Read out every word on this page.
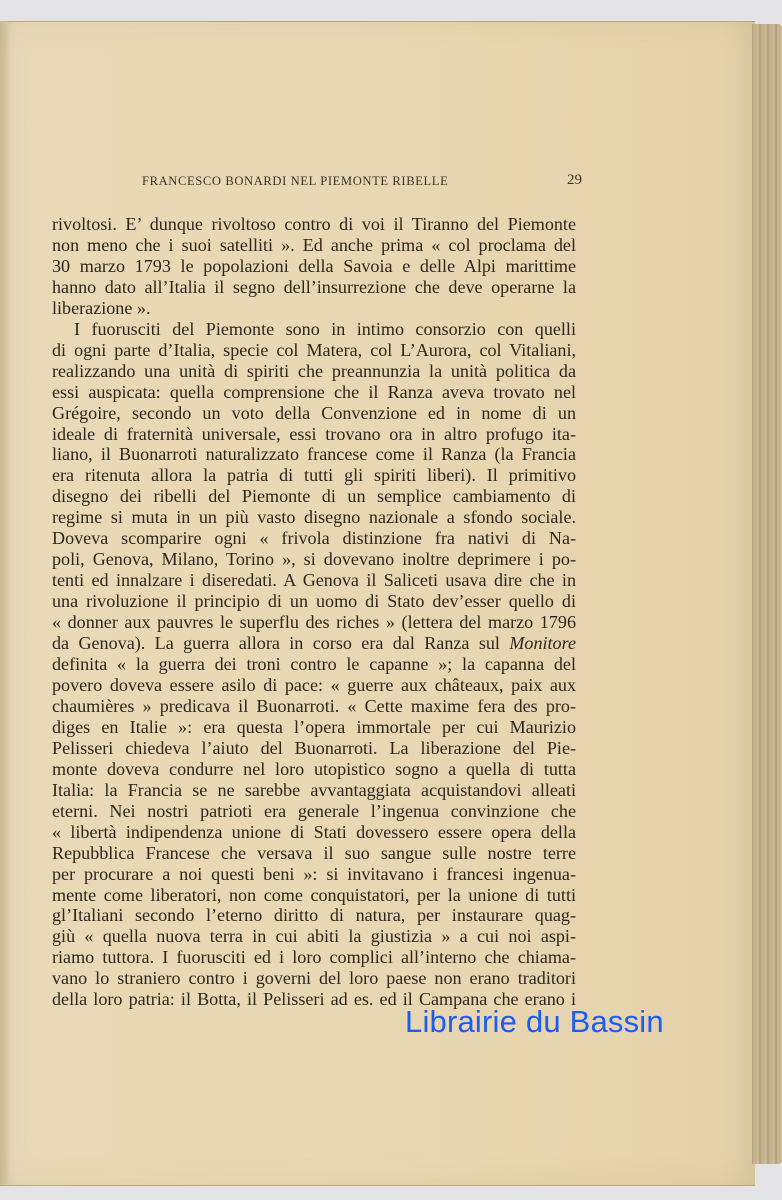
FRANCESCO BONARDI NEL PIEMONTE RIBELLE	29
rivoltosi. E’ dunque rivoltoso contro di voi il Tiranno del Piemonte
non meno che i suoi satelliti ». Ed anche prima « col proclama del
30 marzo 1793 le popolazioni della Savoia e delle Alpi marittime
hanno dato all’Italia il segno dell’insurrezione che deve operarne la
liberazione ».
I fuorusciti del Piemonte sono in intimo consorzio con quelli
di ogni parte d’Italia, specie col Matera, col L’Aurora, col Vitaliani,
realizzando una unità di spiriti che preannunzia la unità politica da
essi auspicata: quella comprensione che il Ranza aveva trovato nel
Grégoire, secondo un voto della Convenzione ed in nome di un
ideale di fraternità universale, essi trovano ora in altro profugo ita-
liano, il Buonarroti naturalizzato francese come il Ranza (la Francia
era ritenuta allora la patria di tutti gli spiriti liberi). Il primitivo
disegno dei ribelli del Piemonte di un semplice cambiamento di
regime si muta in un più vasto disegno nazionale a sfondo sociale.
Doveva scomparire ogni « frivola distinzione fra nativi di Na-
poli, Genova, Milano, Torino », si dovevano inoltre deprimere i po-
tenti ed innalzare i diseredati. A Genova il Saliceti usava dire che in
una rivoluzione il principio di un uomo di Stato dev’esser quello di
« donner aux pauvres le superflu des riches » (lettera del marzo 1796
da Genova). La guerra allora in corso era dal Ranza sul Monitore
definita « la guerra dei troni contro le capanne »; la capanna del
povero doveva essere asilo di pace: « guerre aux châteaux, paix aux
chaumières » predicava il Buonarroti. « Cette maxime fera des pro-
diges en Italie »: era questa l’opera immortale per cui Maurizio
Pelisseri chiedeva l’aiuto del Buonarroti. La liberazione del Pie-
monte doveva condurre nel loro utopistico sogno a quella di tutta
Italia: la Francia se ne sarebbe avvantaggiata acquistandovi alleati
eterni. Nei nostri patrioti era generale l’ingenua convinzione che
« libertà indipendenza unione di Stati dovessero essere opera della
Repubblica Francese che versava il suo sangue sulle nostre terre
per procurare a noi questi beni »: si invitavano i francesi ingenua-
mente come liberatori, non come conquistatori, per la unione di tutti
gl’Italiani secondo l’eterno diritto di natura, per instaurare quag-
giù « quella nuova terra in cui abiti la giustizia » a cui noi aspi-
riamo tuttora. I fuorusciti ed i loro complici all’interno che chiama-
vano lo straniero contro i governi del loro paese non erano traditori
della loro patria: il Botta, il Pelisseri ad es. ed il Campana che erano i
Librairie du Bassin
